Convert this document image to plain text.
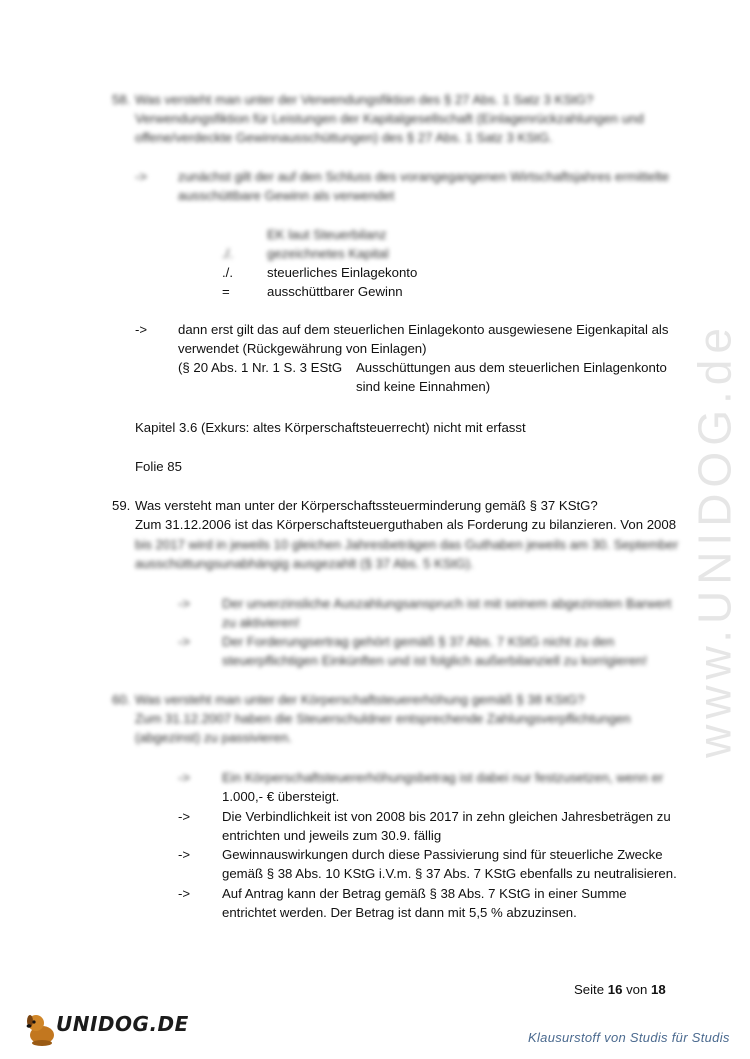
www.UNIDOG.de
58. Was versteht man unter der Verwendungsfiktion des § 27 Abs. 1 Satz 3 KStG?
Verwendungsfiktion für Leistungen der Kapitalgesellschaft (Einlagenrückzahlungen und
offene/verdeckte Gewinnausschüttungen) des § 27 Abs. 1 Satz 3 KStG.
-> zunächst gilt der auf den Schluss des vorangegangenen Wirtschaftsjahres ermittelte
ausschüttbare Gewinn als verwendet
EK laut Steuerbilanz
./.	gezeichnetes Kapital
./.	steuerliches Einlagekonto
=	ausschüttbarer Gewinn
-> dann erst gilt das auf dem steuerlichen Einlagekonto ausgewiesene Eigenkapital als
verwendet (Rückgewährung von Einlagen)
(§ 20 Abs. 1 Nr. 1 S. 3 EStG Ausschüttungen aus dem steuerlichen Einlagenkonto
sind keine Einnahmen)
Kapitel 3.6 (Exkurs: altes Körperschaftsteuerrecht) nicht mit erfasst
Folie 85
59. Was versteht man unter der Körperschaftssteuerminderung gemäß § 37 KStG?
Zum 31.12.2006 ist das Körperschaftsteuerguthaben als Forderung zu bilanzieren. Von 2008
bis 2017 wird in jeweils 10 gleichen Jahresbeträgen das Guthaben jeweils am 30. September
ausschüttungsunabhängig ausgezahlt (§ 37 Abs. 5 KStG).
-> Der unverzinsliche Auszahlungsanspruch ist mit seinem abgezinsten Barwert
zu aktivieren!
-> Der Forderungsertrag gehört gemäß § 37 Abs. 7 KStG nicht zu den
steuerpflichtigen Einkünften und ist folglich außerbilanziell zu korrigieren!
60. Was versteht man unter der Körperschaftsteuererhöhung gemäß § 38 KStG?
Zum 31.12.2007 haben die Steuerschuldner entsprechende Zahlungsverpflichtungen
(abgezinst) zu passivieren.
-> Ein Körperschaftsteuererhöhungsbetrag ist dabei nur festzusetzen, wenn er
1.000,- € übersteigt.
-> Die Verbindlichkeit ist von 2008 bis 2017 in zehn gleichen Jahresbeträgen zu
entrichten und jeweils zum 30.9. fällig
-> Gewinnauswirkungen durch diese Passivierung sind für steuerliche Zwecke
gemäß § 38 Abs. 10 KStG i.V.m. § 37 Abs. 7 KStG ebenfalls zu neutralisieren.
-> Auf Antrag kann der Betrag gemäß § 38 Abs. 7 KStG in einer Summe
entrichtet werden. Der Betrag ist dann mit 5,5 % abzuzinsen.
Seite 16 von 18
UNIDOG.DE
Klausurstoff von Studis für Studis
